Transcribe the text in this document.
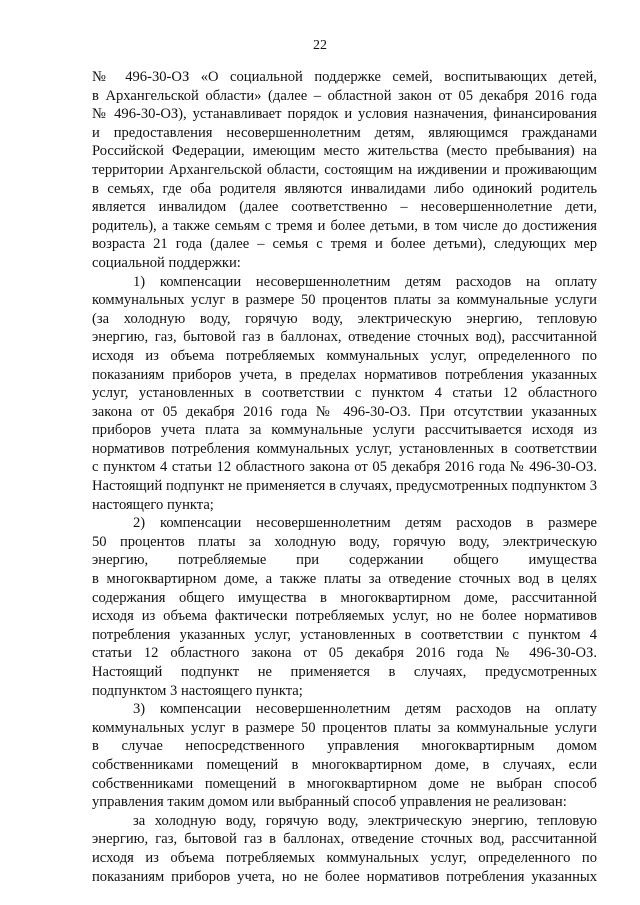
22
№ 496-30-ОЗ «О социальной поддержке семей, воспитывающих детей,
в Архангельской области» (далее – областной закон от 05 декабря 2016 года
№ 496-30-ОЗ), устанавливает порядок и условия назначения, финансирования
и предоставления несовершеннолетним детям, являющимся гражданами
Российской Федерации, имеющим место жительства (место пребывания) на
территории Архангельской области, состоящим на иждивении и проживающим
в семьях, где оба родителя являются инвалидами либо одинокий родитель
является инвалидом (далее соответственно – несовершеннолетние дети,
родитель), а также семьям с тремя и более детьми, в том числе до достижения
возраста 21 года (далее – семья с тремя и более детьми), следующих мер
социальной поддержки:
1) компенсации несовершеннолетним детям расходов на оплату
коммунальных услуг в размере 50 процентов платы за коммунальные услуги
(за холодную воду, горячую воду, электрическую энергию, тепловую
энергию, газ, бытовой газ в баллонах, отведение сточных вод), рассчитанной
исходя из объема потребляемых коммунальных услуг, определенного по
показаниям приборов учета, в пределах нормативов потребления указанных
услуг, установленных в соответствии с пунктом 4 статьи 12 областного
закона от 05 декабря 2016 года № 496-30-ОЗ. При отсутствии указанных
приборов учета плата за коммунальные услуги рассчитывается исходя из
нормативов потребления коммунальных услуг, установленных в соответствии
с пунктом 4 статьи 12 областного закона от 05 декабря 2016 года № 496-30-ОЗ.
Настоящий подпункт не применяется в случаях, предусмотренных подпунктом 3
настоящего пункта;
2) компенсации несовершеннолетним детям расходов в размере
50 процентов платы за холодную воду, горячую воду, электрическую
энергию, потребляемые при содержании общего имущества
в многоквартирном доме, а также платы за отведение сточных вод в целях
содержания общего имущества в многоквартирном доме, рассчитанной
исходя из объема фактически потребляемых услуг, но не более нормативов
потребления указанных услуг, установленных в соответствии с пунктом 4
статьи 12 областного закона от 05 декабря 2016 года № 496-30-ОЗ.
Настоящий подпункт не применяется в случаях, предусмотренных
подпунктом 3 настоящего пункта;
3) компенсации несовершеннолетним детям расходов на оплату
коммунальных услуг в размере 50 процентов платы за коммунальные услуги
в случае непосредственного управления многоквартирным домом
собственниками помещений в многоквартирном доме, в случаях, если
собственниками помещений в многоквартирном доме не выбран способ
управления таким домом или выбранный способ управления не реализован:
за холодную воду, горячую воду, электрическую энергию, тепловую
энергию, газ, бытовой газ в баллонах, отведение сточных вод, рассчитанной
исходя из объема потребляемых коммунальных услуг, определенного по
показаниям приборов учета, но не более нормативов потребления указанных
